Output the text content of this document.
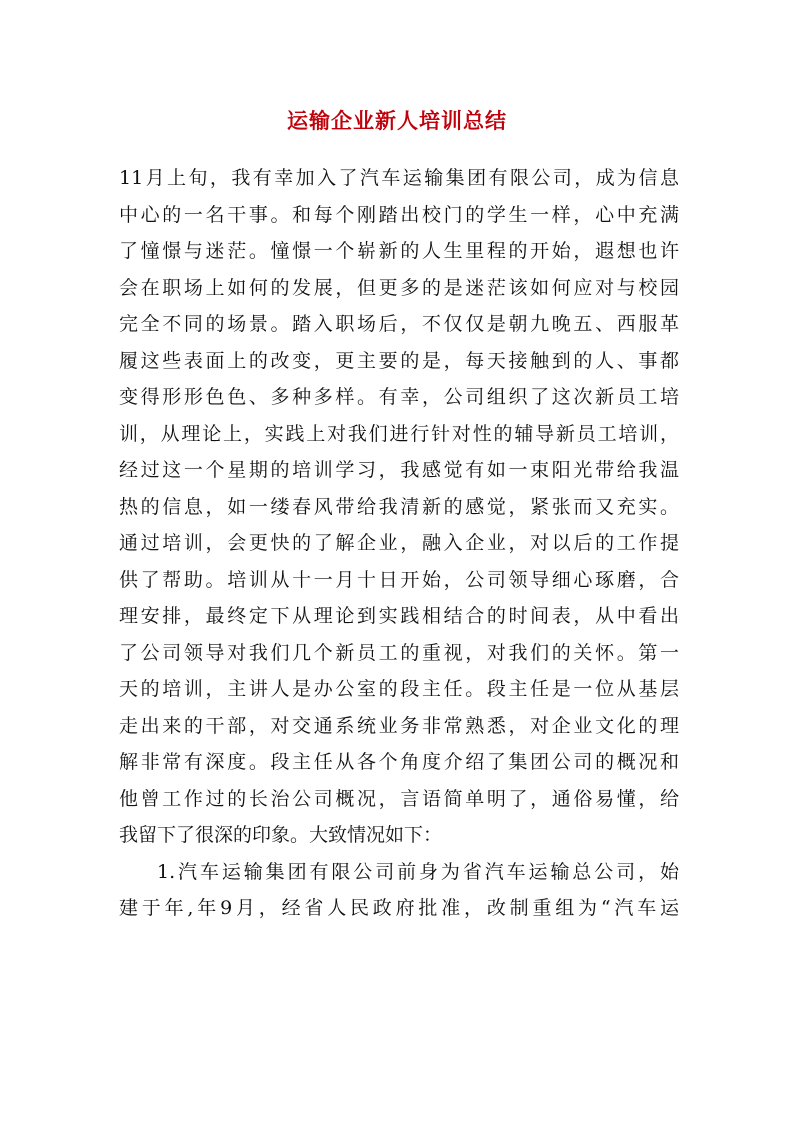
运输企业新人培训总结
11月上旬，我有幸加入了汽车运输集团有限公司，成为信息
中心的一名干事。和每个刚踏出校门的学生一样，心中充满
了憧憬与迷茫。憧憬一个崭新的人生里程的开始，遐想也许
会在职场上如何的发展，但更多的是迷茫该如何应对与校园
完全不同的场景。踏入职场后，不仅仅是朝九晚五、西服革
履这些表面上的改变，更主要的是，每天接触到的人、事都
变得形形色色、多种多样。有幸，公司组织了这次新员工培
训，从理论上，实践上对我们进行针对性的辅导新员工培训，
经过这一个星期的培训学习，我感觉有如一束阳光带给我温
热的信息，如一缕春风带给我清新的感觉，紧张而又充实。
通过培训，会更快的了解企业，融入企业，对以后的工作提
供了帮助。培训从十一月十日开始，公司领导细心琢磨，合
理安排，最终定下从理论到实践相结合的时间表，从中看出
了公司领导对我们几个新员工的重视，对我们的关怀。第一
天的培训，主讲人是办公室的段主任。段主任是一位从基层
走出来的干部，对交通系统业务非常熟悉，对企业文化的理
解非常有深度。段主任从各个角度介绍了集团公司的概况和
他曾工作过的长治公司概况，言语简单明了，通俗易懂，给
我留下了很深的印象。大致情况如下：
1.汽车运输集团有限公司前身为省汽车运输总公司，始
建于年,年9月，经省人民政府批准，改制重组为“汽车运
